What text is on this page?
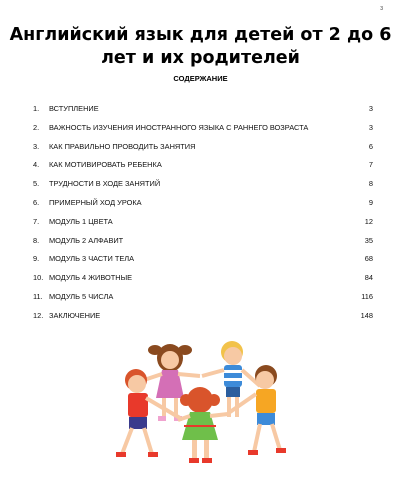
3
Английский язык для детей от 2 до 6
лет и их родителей
СОДЕРЖАНИЕ
1. ВСТУПЛЕНИЕ	3
2. ВАЖНОСТЬ ИЗУЧЕНИЯ ИНОСТРАННОГО ЯЗЫКА С РАННЕГО ВОЗРАСТА	3
3. КАК ПРАВИЛЬНО ПРОВОДИТЬ ЗАНЯТИЯ	6
4. КАК МОТИВИРОВАТЬ РЕБЕНКА	7
5. ТРУДНОСТИ В ХОДЕ ЗАНЯТИЙ	8
6. ПРИМЕРНЫЙ ХОД УРОКА	9
7. МОДУЛЬ 1 ЦВЕТА	12
8. МОДУЛЬ 2 АЛФАВИТ	35
9. МОДУЛЬ 3 ЧАСТИ ТЕЛА	68
10. МОДУЛЬ 4 ЖИВОТНЫЕ	84
11. МОДУЛЬ 5 ЧИСЛА	116
12. ЗАКЛЮЧЕНИЕ	148
